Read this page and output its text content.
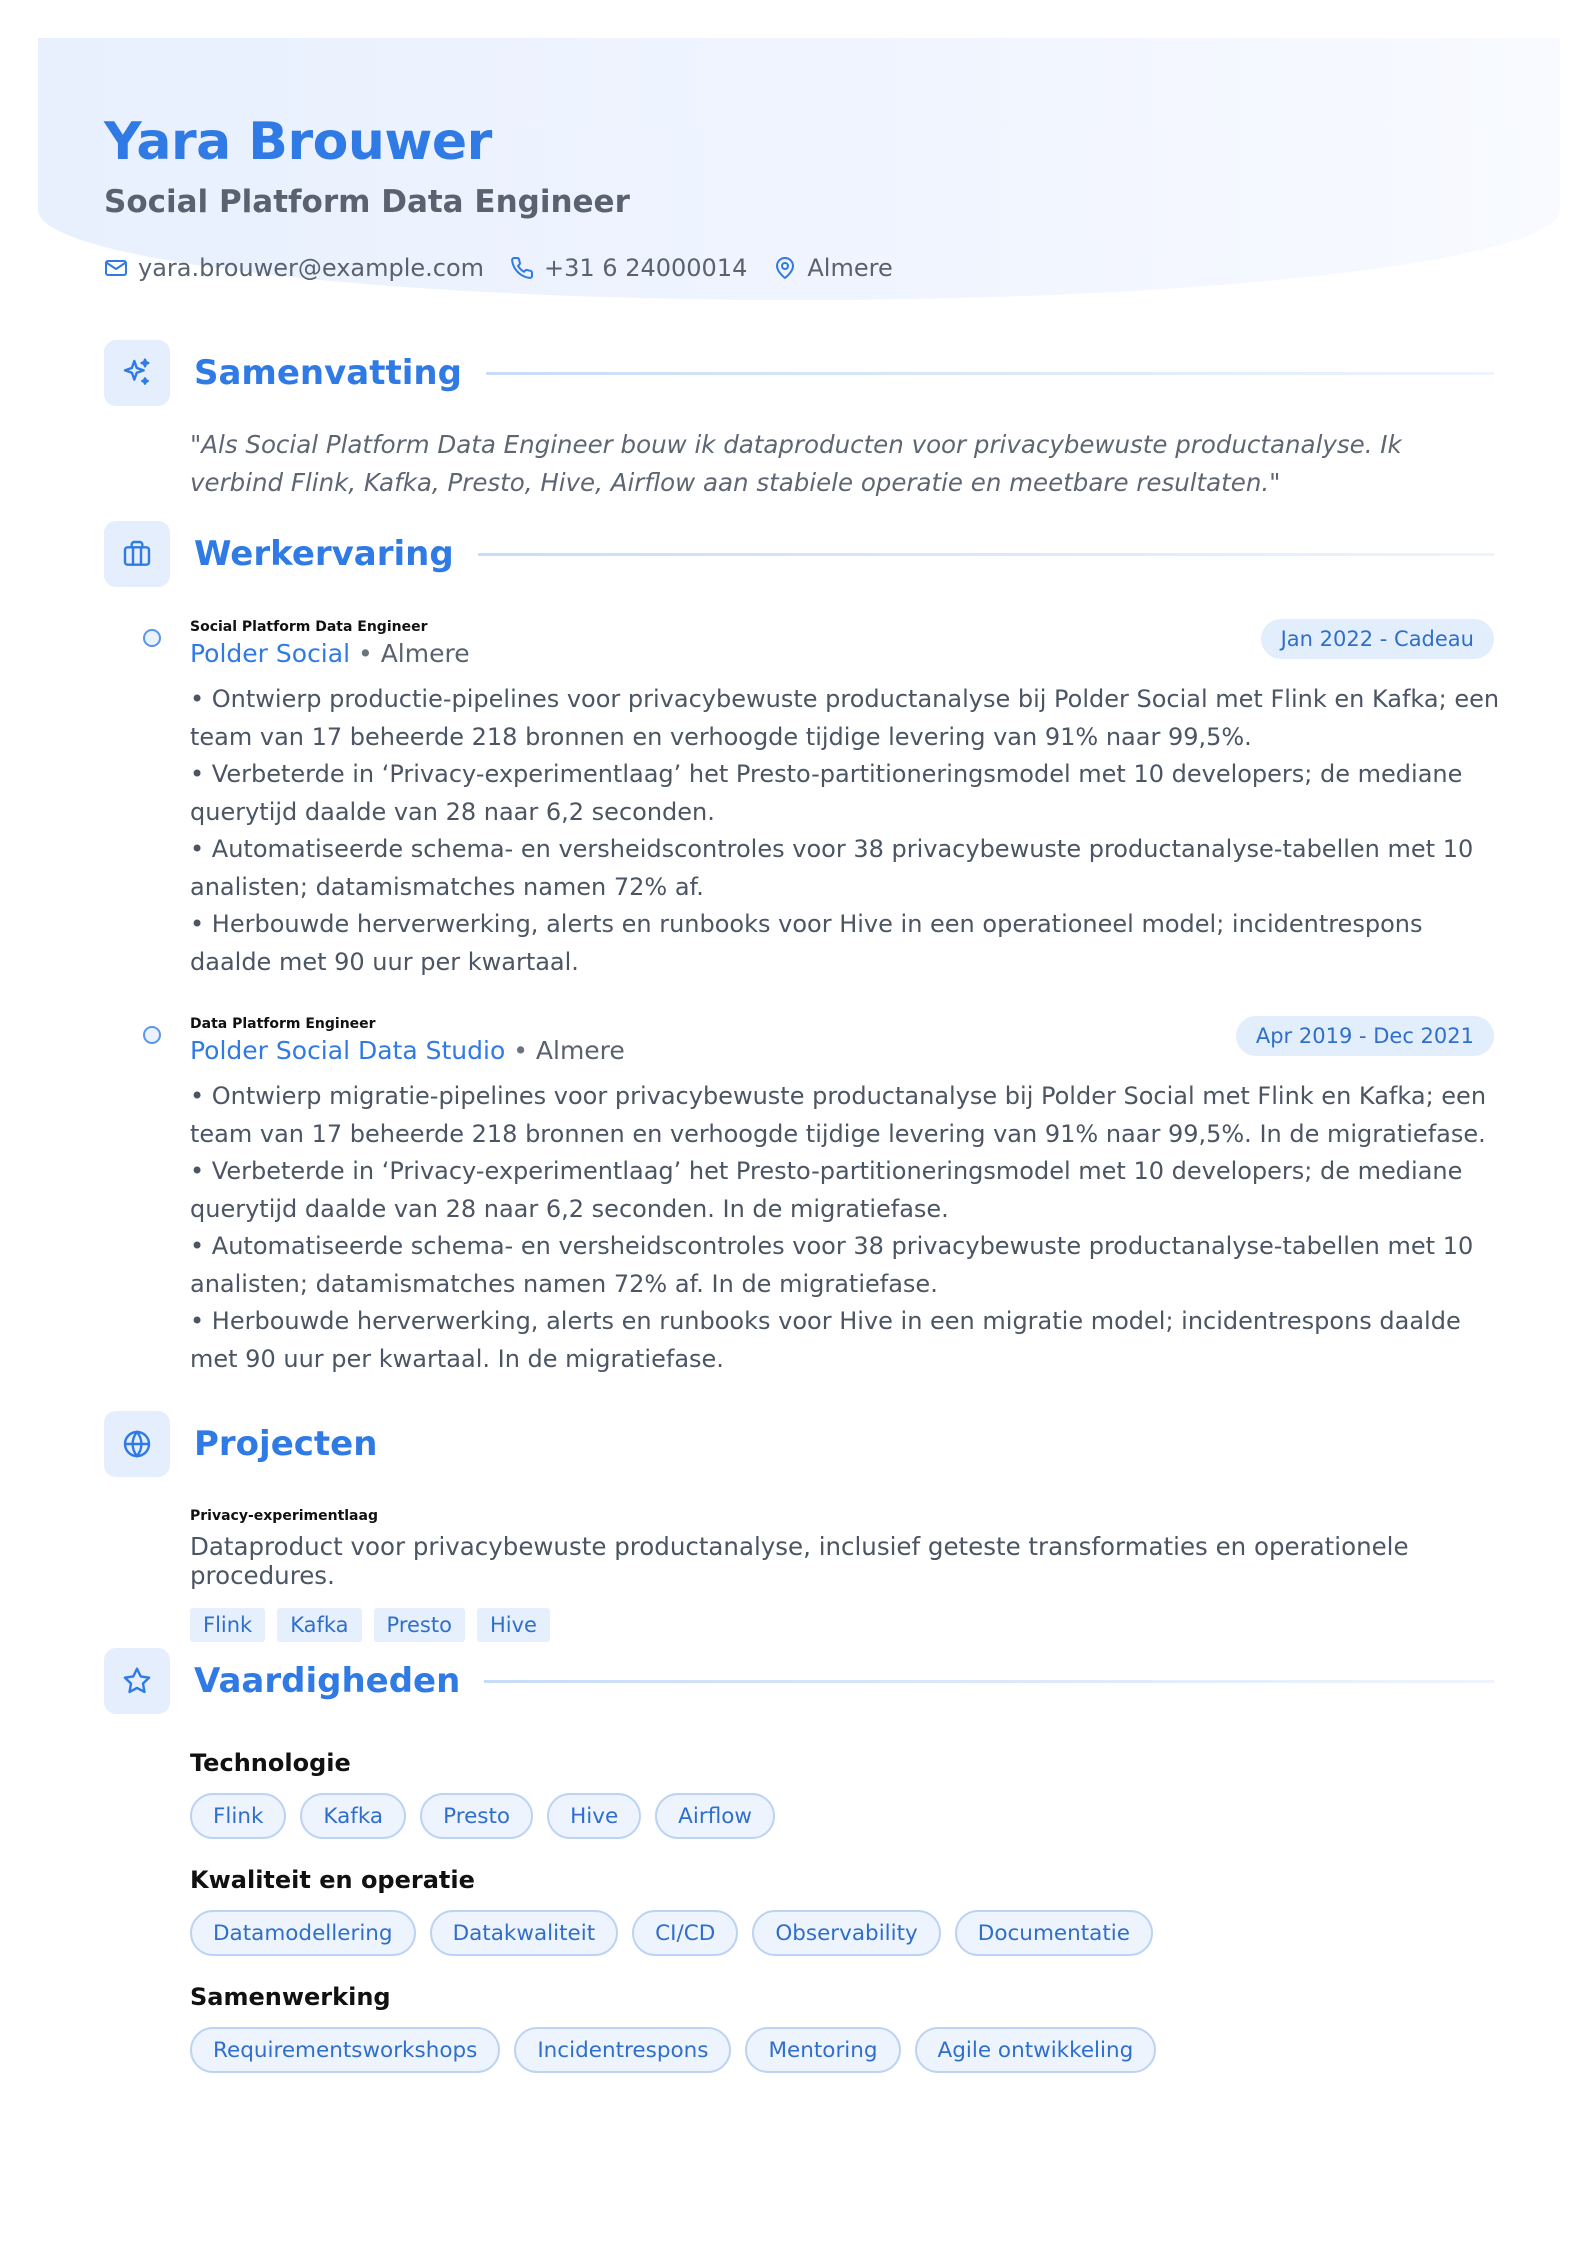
Yara Brouwer
Social Platform Data Engineer
yara.brouwer@example.com	+31 6 24000014	Almere
Samenvatting

"Als Social Platform Data Engineer bouw ik dataproducten voor privacybewuste productanalyse. Ik verbind Flink, Kafka, Presto, Hive, Airflow aan stabiele operatie en meetbare resultaten."

Werkervaring
Social Platform Data Engineer
Polder Social • Almere	Jan 2022 - Cadeau

• Ontwierp productie-pipelines voor privacybewuste productanalyse bij Polder Social met Flink en Kafka; een team van 17 beheerde 218 bronnen en verhoogde tijdige levering van 91% naar 99,5%.

• Verbeterde in ‘Privacy-experimentlaag’ het Presto-partitioneringsmodel met 10 developers; de mediane querytijd daalde van 28 naar 6,2 seconden.

• Automatiseerde schema- en versheidscontroles voor 38 privacybewuste productanalyse-tabellen met 10 analisten; datamismatches namen 72% af.

• Herbouwde herverwerking, alerts en runbooks voor Hive in een operationeel model; incidentrespons daalde met 90 uur per kwartaal.

Data Platform Engineer
Polder Social Data Studio • Almere	Apr 2019 - Dec 2021

• Ontwierp migratie-pipelines voor privacybewuste productanalyse bij Polder Social met Flink en Kafka; een team van 17 beheerde 218 bronnen en verhoogde tijdige levering van 91% naar 99,5%. In de migratiefase.

• Verbeterde in ‘Privacy-experimentlaag’ het Presto-partitioneringsmodel met 10 developers; de mediane querytijd daalde van 28 naar 6,2 seconden. In de migratiefase.

• Automatiseerde schema- en versheidscontroles voor 38 privacybewuste productanalyse-tabellen met 10 analisten; datamismatches namen 72% af. In de migratiefase.

• Herbouwde herverwerking, alerts en runbooks voor Hive in een migratie model; incidentrespons daalde met 90 uur per kwartaal. In de migratiefase.

Projecten
Privacy-experimentlaag
Dataproduct voor privacybewuste productanalyse, inclusief geteste transformaties en operationele procedures.
Flink	Kafka	Presto	Hive
Vaardigheden
Technologie
Flink	Kafka	Presto	Hive	Airflow
Kwaliteit en operatie
Datamodellering	Datakwaliteit	CI/CD	Observability	Documentatie
Samenwerking
Requirementsworkshops	Incidentrespons	Mentoring	Agile ontwikkeling
